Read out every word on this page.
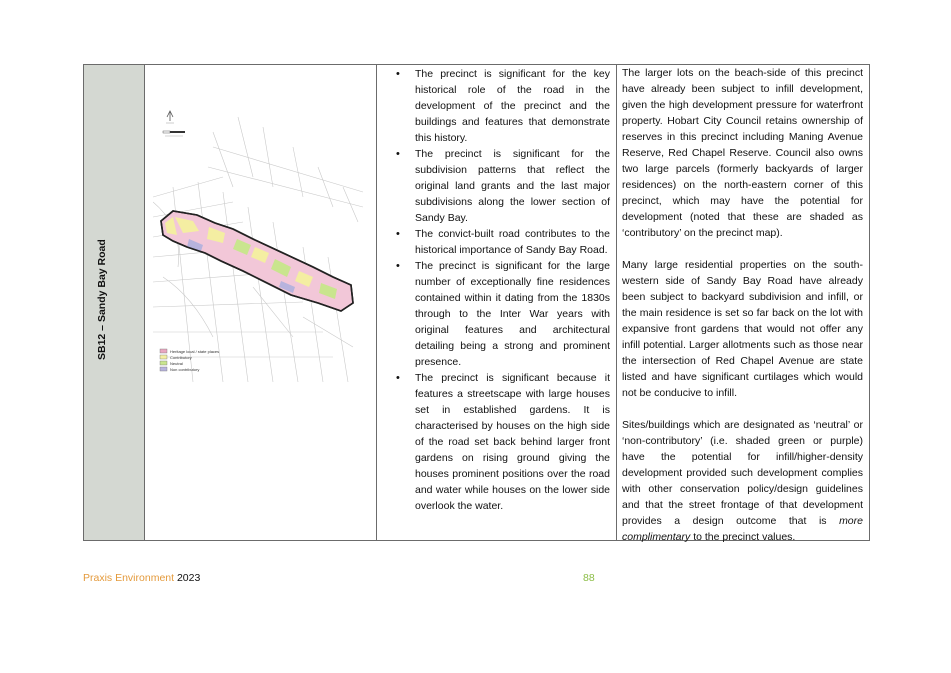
SB12 – Sandy Bay Road	Heritage local / state places
Contributory
Neutral
Non contributory
• The precinct is significant for the key historical role of the road in the development of the precinct and the buildings and features that demonstrate this history.
• The precinct is significant for the subdivision patterns that reflect the original land grants and the last major subdivisions along the lower section of Sandy Bay.
• The convict-built road contributes to the historical importance of Sandy Bay Road.
• The precinct is significant for the large number of exceptionally fine residences contained within it dating from the 1830s through to the Inter War years with original features and architectural detailing being a strong and prominent presence.
• The precinct is significant because it features a streetscape with large houses set in established gardens. It is characterised by houses on the high side of the road set back behind larger front gardens on rising ground giving the houses prominent positions over the road and water while houses on the lower side overlook the water.

The larger lots on the beach-side of this precinct have already been subject to infill development, given the high development pressure for waterfront property. Hobart City Council retains ownership of reserves in this precinct including Maning Avenue Reserve, Red Chapel Reserve. Council also owns two large parcels (formerly backyards of larger residences) on the north-eastern corner of this precinct, which may have the potential for development (noted that these are shaded as ‘contributory’ on the precinct map).

Many large residential properties on the south-western side of Sandy Bay Road have already been subject to backyard subdivision and infill, or the main residence is set so far back on the lot with expansive front gardens that would not offer any infill potential. Larger allotments such as those near the intersection of Red Chapel Avenue are state listed and have significant curtilages which would not be conducive to infill.

Sites/buildings which are designated as ‘neutral’ or ‘non-contributory’ (i.e. shaded green or purple) have the potential for infill/higher-density development provided such development complies with other conservation policy/design guidelines and that the street frontage of that development provides a design outcome that is more complimentary to the precinct values.

Praxis Environment 2023	88
